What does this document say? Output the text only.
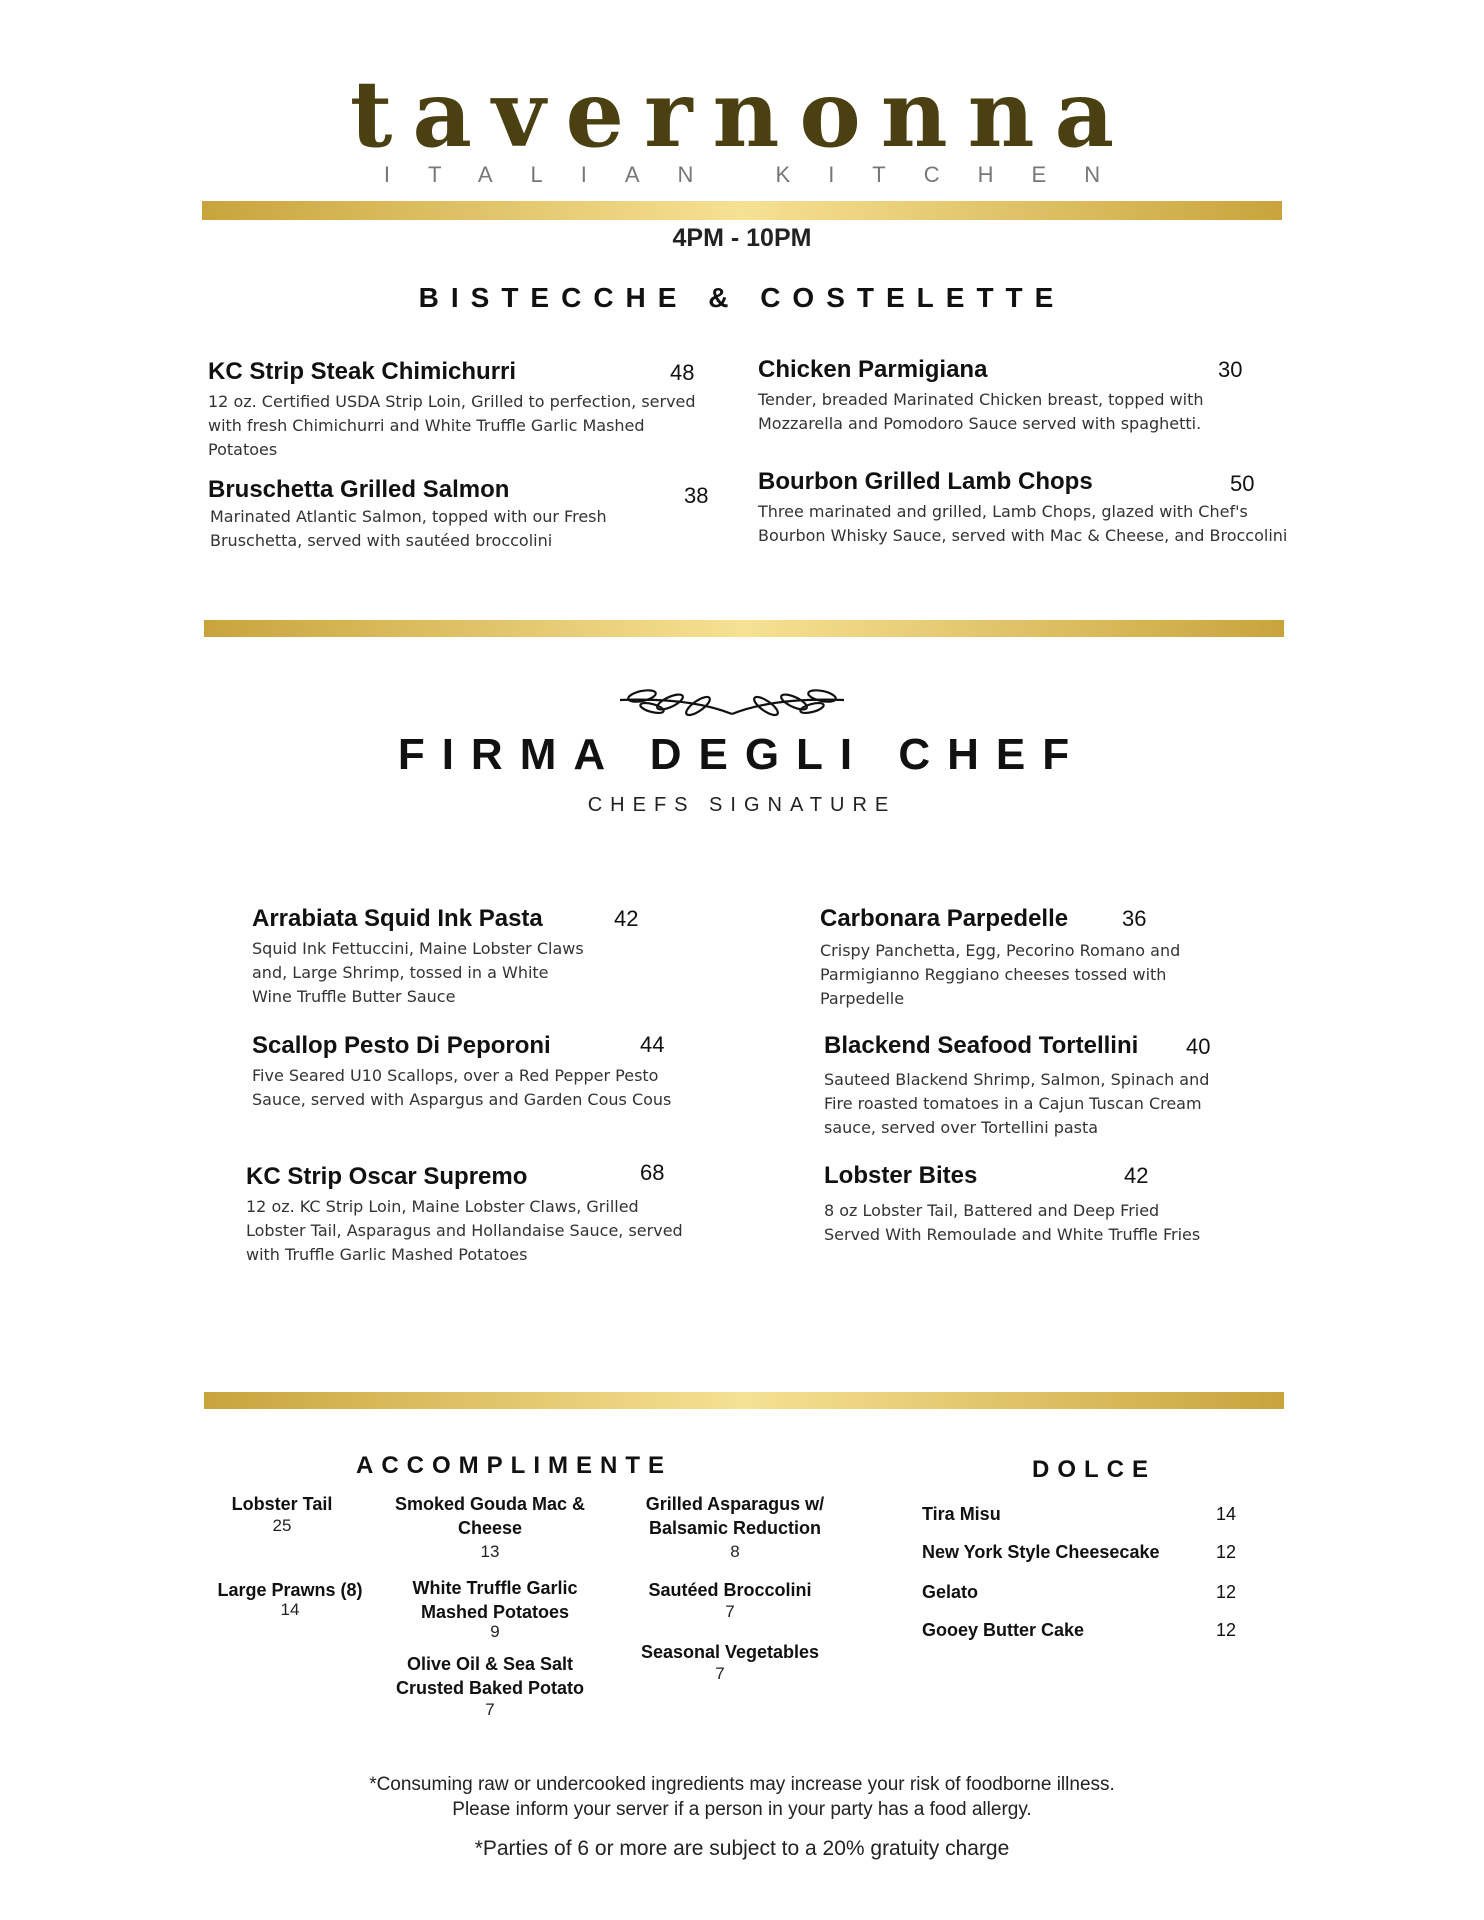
tavernonna
ITALIAN KITCHEN
4PM - 10PM
BISTECCHE & COSTELETTE
KC Strip Steak Chimichurri	48
12 oz. Certified USDA Strip Loin, Grilled to perfection, served with fresh Chimichurri and White Truffle Garlic Mashed Potatoes
Chicken Parmigiana	30
Tender, breaded Marinated Chicken breast, topped with Mozzarella and Pomodoro Sauce served with spaghetti.
Bruschetta Grilled Salmon	38
Marinated Atlantic Salmon, topped with our Fresh Bruschetta, served with sautéed broccolini
Bourbon Grilled Lamb Chops	50
Three marinated and grilled, Lamb Chops, glazed with Chef's Bourbon Whisky Sauce, served with Mac & Cheese, and Broccolini
FIRMA DEGLI CHEF
CHEFS SIGNATURE
Arrabiata Squid Ink Pasta	42
Squid Ink Fettuccini, Maine Lobster Claws and, Large Shrimp, tossed in a White Wine Truffle Butter Sauce
Carbonara Parpedelle 36
Crispy Panchetta, Egg, Pecorino Romano and Parmigianno Reggiano cheeses tossed with Parpedelle
Scallop Pesto Di Peporoni	44
Five Seared U10 Scallops, over a Red Pepper Pesto Sauce, served with Aspargus and Garden Cous Cous
Blackend Seafood Tortellini 40
Sauteed Blackend Shrimp, Salmon, Spinach and Fire roasted tomatoes in a Cajun Tuscan Cream sauce, served over Tortellini pasta
KC Strip Oscar Supremo	68
12 oz. KC Strip Loin, Maine Lobster Claws, Grilled Lobster Tail, Asparagus and Hollandaise Sauce, served with Truffle Garlic Mashed Potatoes
Lobster Bites	42
8 oz Lobster Tail, Battered and Deep Fried Served With Remoulade and White Truffle Fries
ACCOMPLIMENTE
Lobster Tail
25
Large Prawns (8)
14
Smoked Gouda Mac & Cheese
13
White Truffle Garlic Mashed Potatoes
9
Olive Oil & Sea Salt Crusted Baked Potato
7
Grilled Asparagus w/ Balsamic Reduction
8
Sautéed Broccolini
7
Seasonal Vegetables
7
DOLCE
Tira Misu	14
New York Style Cheesecake	12
Gelato	12
Gooey Butter Cake	12
*Consuming raw or undercooked ingredients may increase your risk of foodborne illness.
Please inform your server if a person in your party has a food allergy.
*Parties of 6 or more are subject to a 20% gratuity charge
